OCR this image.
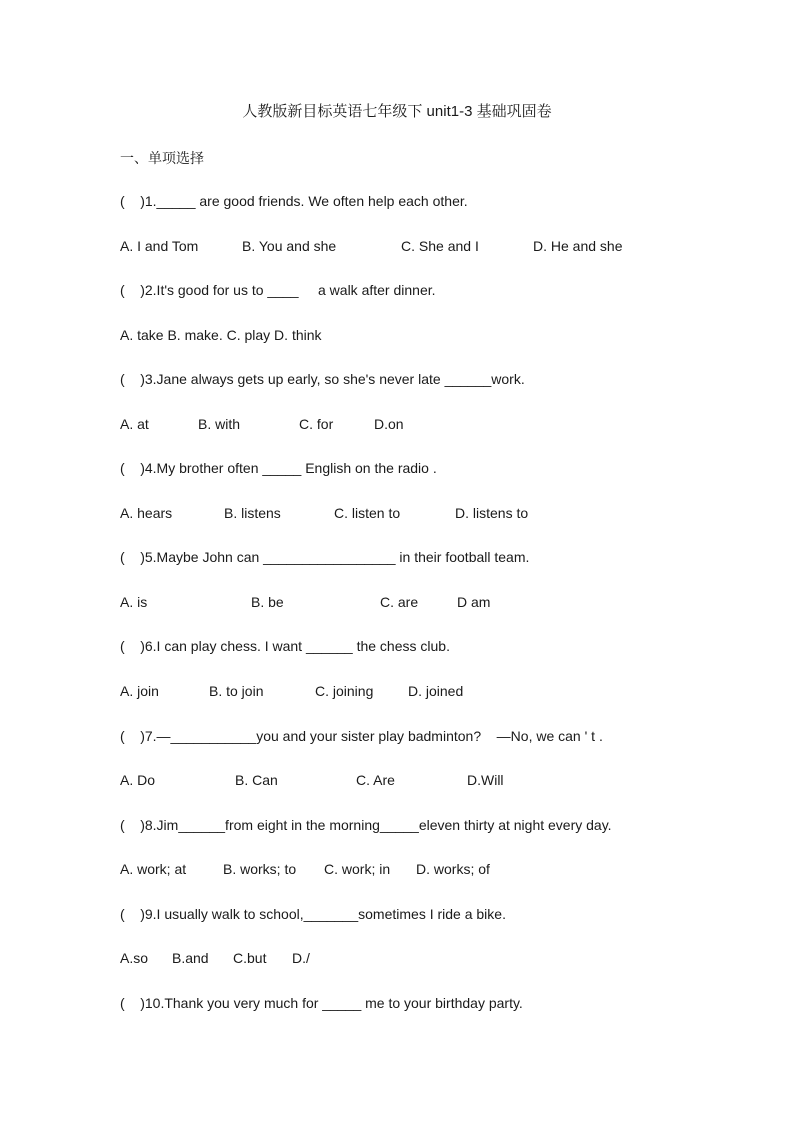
人教版新目标英语七年级下 unit1-3 基础巩固卷
一、单项选择
(    )1._____ are good friends. We often help each other.
A. I and Tom	B. You and she	C. She and I	D. He and she
(    )2.It's good for us to ____     a walk after dinner.
A. take B. make. C. play D. think
(    )3.Jane always gets up early, so she's never late ______work.
A. at	B. with	C. for	D.on
(    )4.My brother often _____ English on the radio .
A. hears	B. listens	C. listen to	D. listens to
(    )5.Maybe John can _________________ in their football team.
A. is	B. be	C. are	D am
(    )6.I can play chess. I want ______ the chess club.
A. join	B. to join	C. joining D. joined
(    )7.—___________you and your sister play badminton?    —No, we can ' t .
A. Do	B. Can	C. Are	D.Will
(    )8.Jim______from eight in the morning_____eleven thirty at night every day.
A. work; at	B. works; to C. work; in D. works; of
(    )9.I usually walk to school,_______sometimes I ride a bike.
A.so B.and C.but D./
(    )10.Thank you very much for _____ me to your birthday party.
